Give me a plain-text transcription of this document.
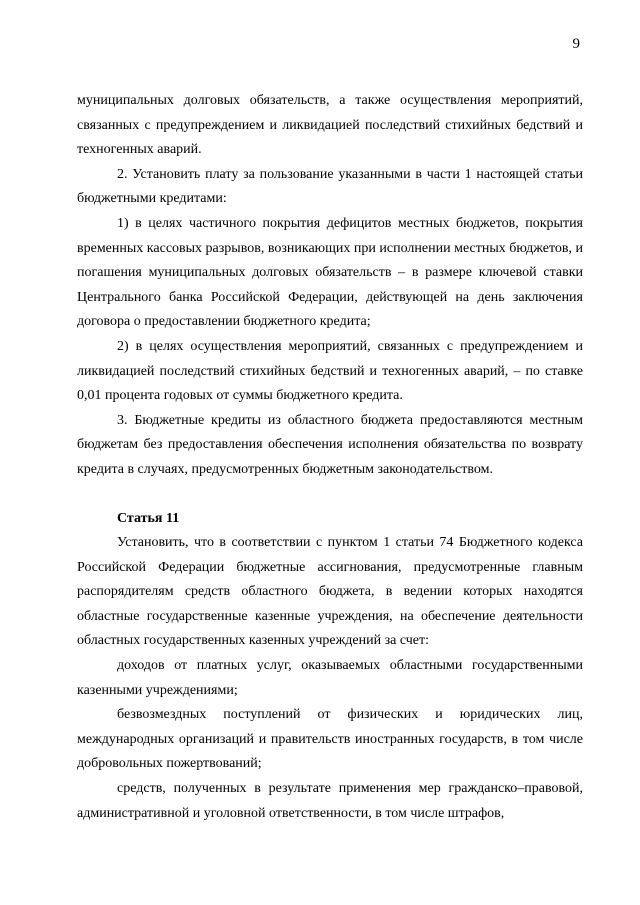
9

муниципальных долговых обязательств, а также осуществления мероприятий, связанных с предупреждением и ликвидацией последствий стихийных бедствий и техногенных аварий.

2. Установить плату за пользование указанными в части 1 настоящей статьи бюджетными кредитами:

1) в целях частичного покрытия дефицитов местных бюджетов, покрытия временных кассовых разрывов, возникающих при исполнении местных бюджетов, и погашения муниципальных долговых обязательств – в размере ключевой ставки Центрального банка Российской Федерации, действующей на день заключения договора о предоставлении бюджетного кредита;

2) в целях осуществления мероприятий, связанных с предупреждением и ликвидацией последствий стихийных бедствий и техногенных аварий, – по ставке 0,01 процента годовых от суммы бюджетного кредита.

3. Бюджетные кредиты из областного бюджета предоставляются местным бюджетам без предоставления обеспечения исполнения обязательства по возврату кредита в случаях, предусмотренных бюджетным законодательством.

Статья 11

Установить, что в соответствии с пунктом 1 статьи 74 Бюджетного кодекса Российской Федерации бюджетные ассигнования, предусмотренные главным распорядителям средств областного бюджета, в ведении которых находятся областные государственные казенные учреждения, на обеспечение деятельности областных государственных казенных учреждений за счет:

доходов от платных услуг, оказываемых областными государственными казенными учреждениями;

безвозмездных поступлений от физических и юридических лиц, международных организаций и правительств иностранных государств, в том числе добровольных пожертвований;

средств, полученных в результате применения мер гражданско–правовой, административной и уголовной ответственности, в том числе штрафов,
